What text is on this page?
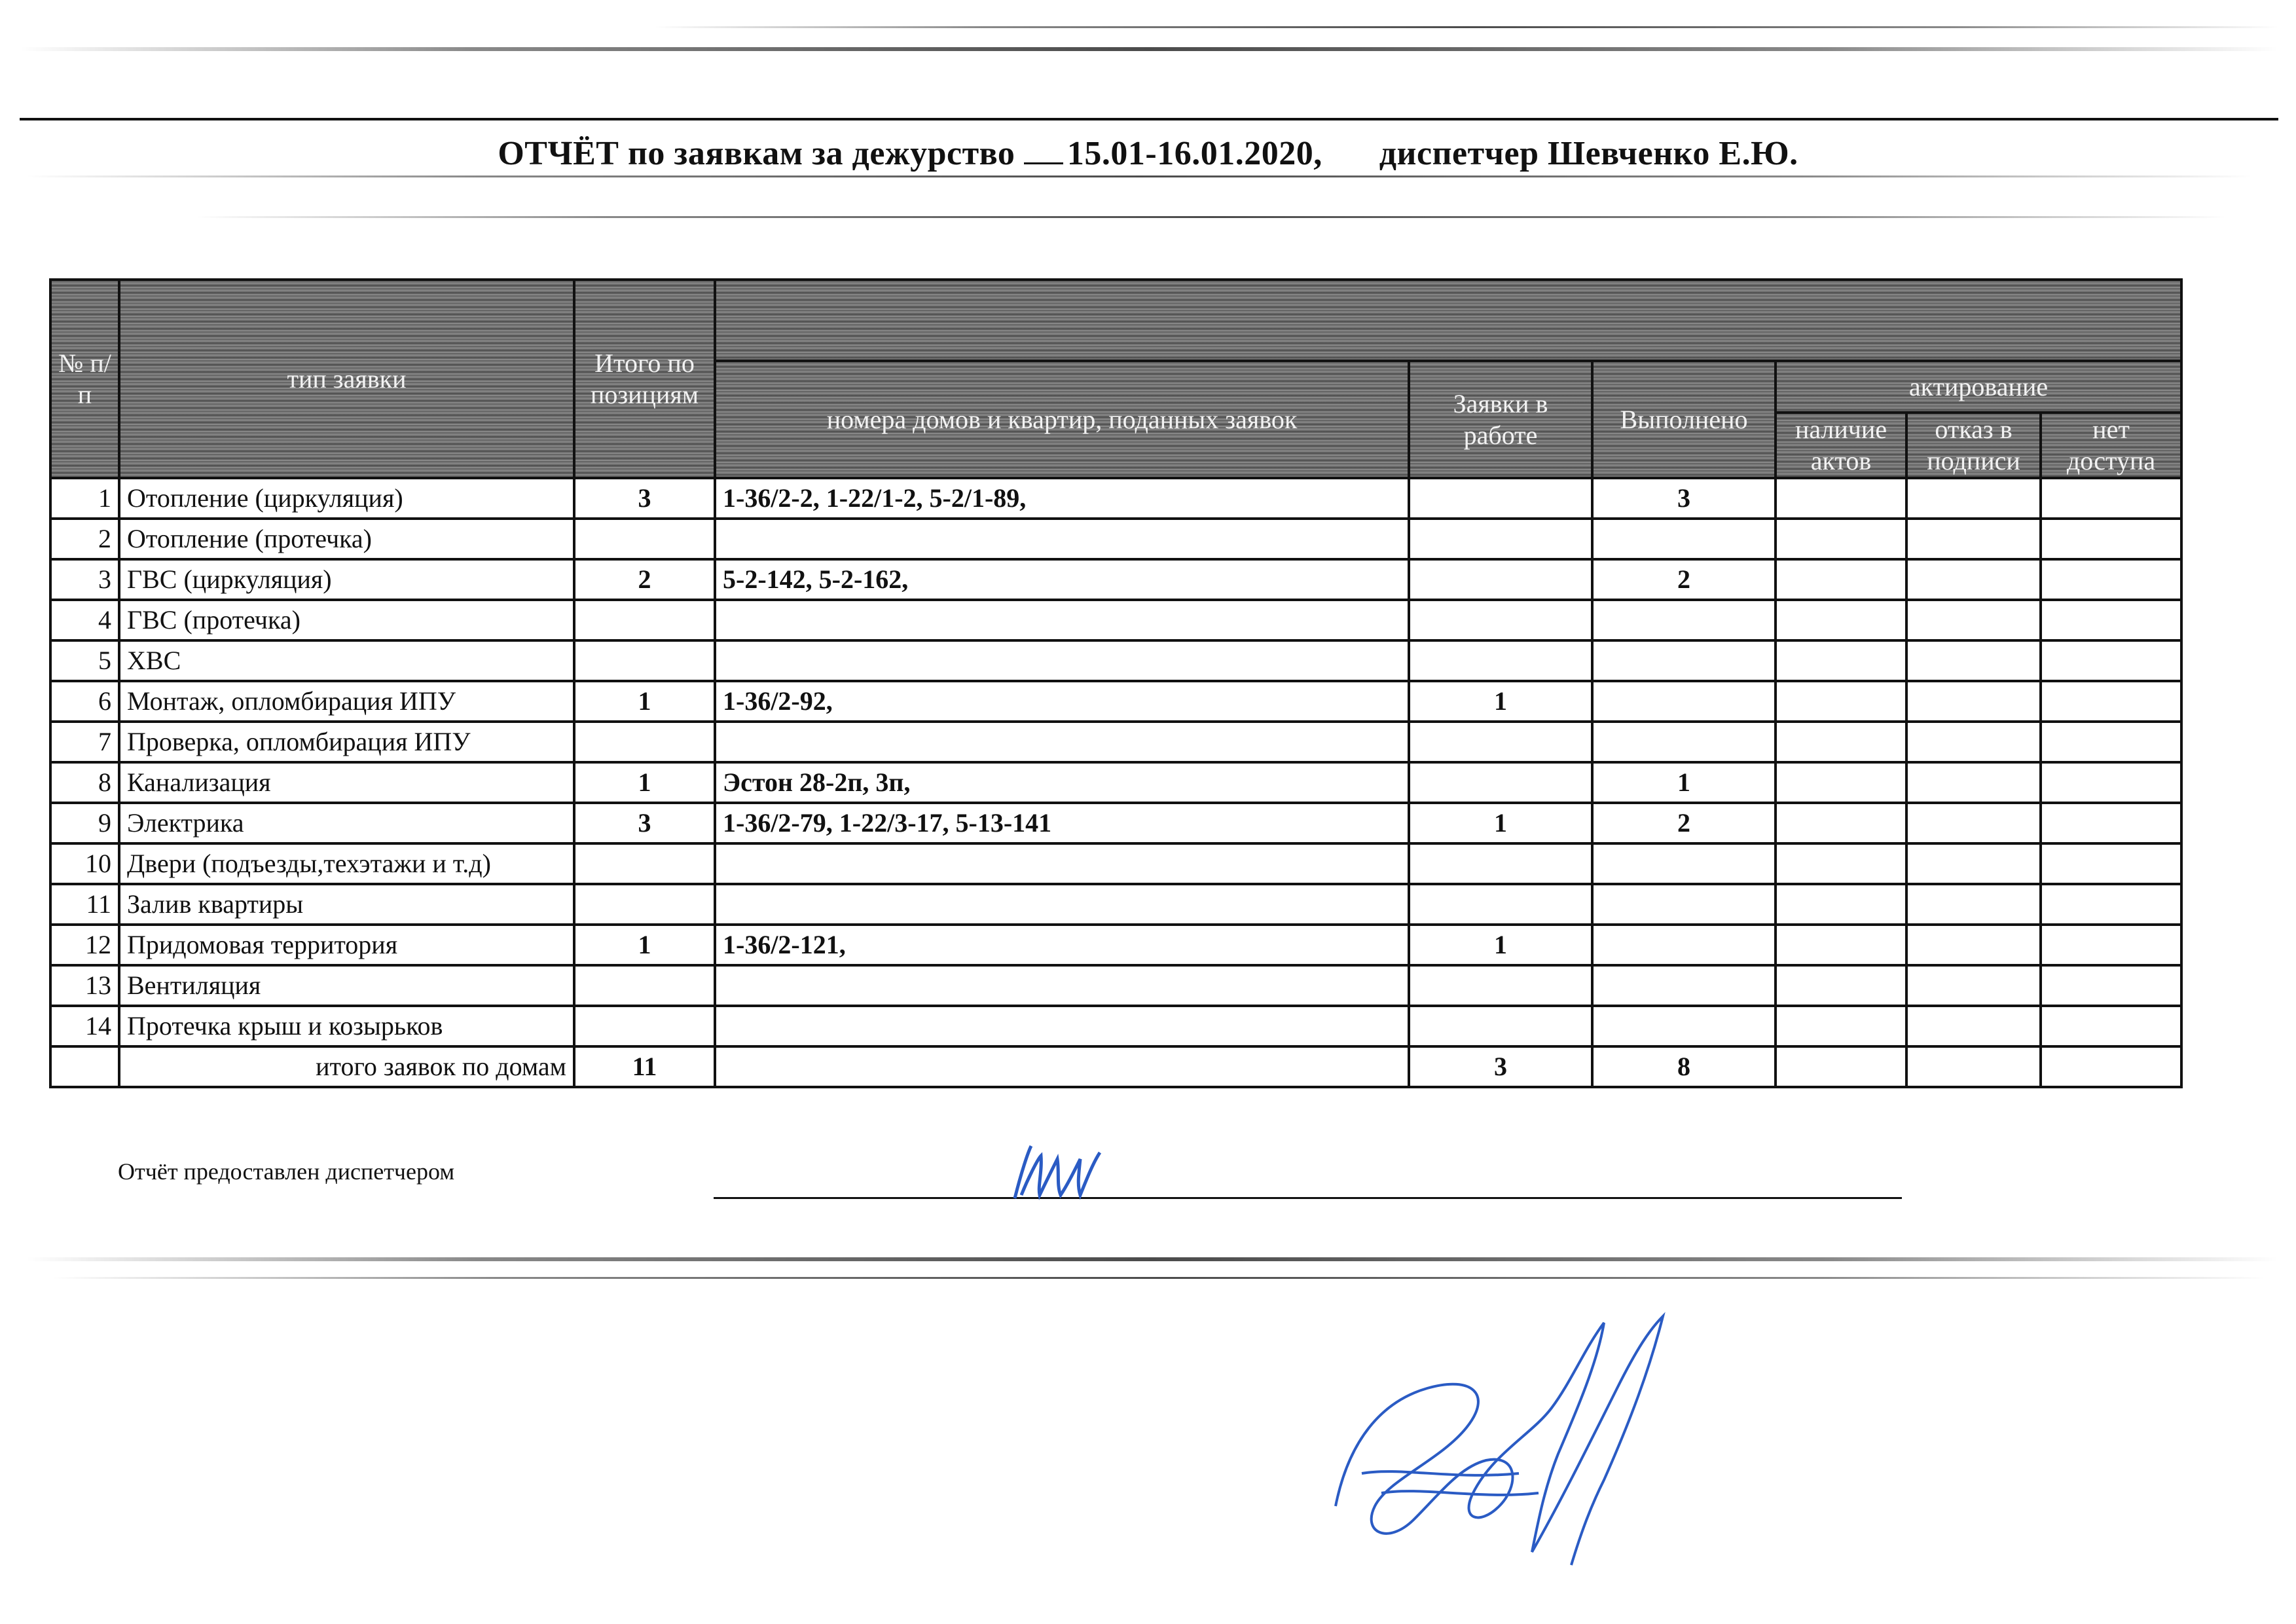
ОТЧЁТ по заявкам за дежурство 15.01-16.01.2020, диспетчер Шевченко Е.Ю.
№ п/п	тип заявки	Итого по позициям						
			номера домов и квартир, поданных заявок	Заявки в работе	Выполнено	актирование		
						наличие актов	отказ в подписи	нет доступа
1	Отопление (циркуляция)	3	1-36/2-2, 1-22/1-2, 5-2/1-89,		3			
2	Отопление (протечка)							
3	ГВС (циркуляция)	2	5-2-142, 5-2-162,		2			
4	ГВС (протечка)							
5	ХВС							
6	Монтаж, опломбирация ИПУ	1	1-36/2-92,	1				
7	Проверка, опломбирация ИПУ							
8	Канализация	1	Эстон 28-2п, 3п,		1			
9	Электрика	3	1-36/2-79, 1-22/3-17, 5-13-141	1	2			
10	Двери (подъезды,техэтажи и т.д)							
11	Залив квартиры							
12	Придомовая территория	1	1-36/2-121,	1				
13	Вентиляция							
14	Протечка крыш и козырьков							
	итого заявок по домам	11		3	8			
Отчёт предоставлен диспетчером
